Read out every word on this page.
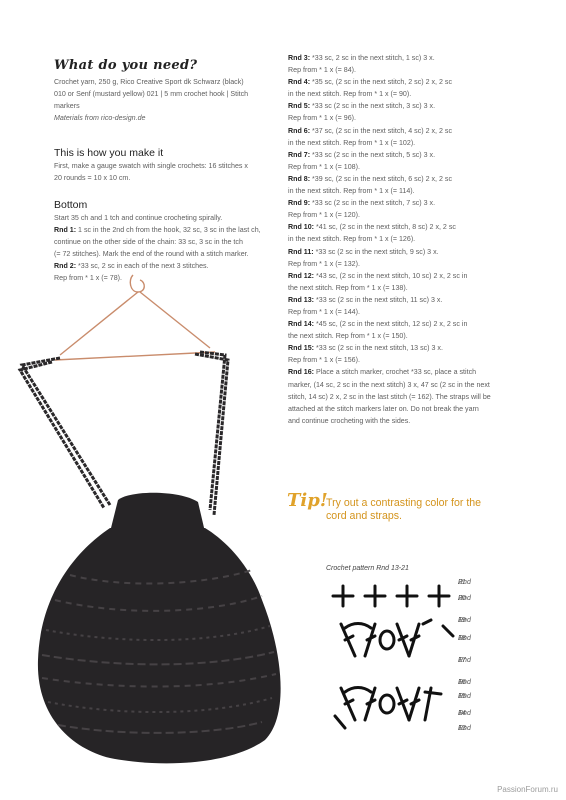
What do you need?
Crochet yarn, 250 g, Rico Creative Sport dk Schwarz (black)
010 or Senf (mustard yellow) 021 | 5 mm crochet hook | Stitch
markers
Materials from rico-design.de
This is how you make it
First, make a gauge swatch with single crochets: 16 stitches x
20 rounds = 10 x 10 cm.
Bottom
Start 35 ch and 1 tch and continue crocheting spirally.
Rnd 1: 1 sc in the 2nd ch from the hook, 32 sc, 3 sc in the last ch,
continue on the other side of the chain: 33 sc, 3 sc in the tch
(= 72 stitches). Mark the end of the round with a stitch marker.
Rnd 2: *33 sc, 2 sc in each of the next 3 stitches.
Rep from * 1 x (= 78).
Rnd 3: *33 sc, 2 sc in the next stitch, 1 sc) 3 x.
Rep from * 1 x (= 84).
Rnd 4: *35 sc, (2 sc in the next stitch, 2 sc) 2 x, 2 sc
in the next stitch. Rep from * 1 x (= 90).
Rnd 5: *33 sc (2 sc in the next stitch, 3 sc) 3 x.
Rep from * 1 x (= 96).
Rnd 6: *37 sc, (2 sc in the next stitch, 4 sc) 2 x, 2 sc
in the next stitch. Rep from * 1 x (= 102).
Rnd 7: *33 sc (2 sc in the next stitch, 5 sc) 3 x.
Rep from * 1 x (= 108).
Rnd 8: *39 sc, (2 sc in the next stitch, 6 sc) 2 x, 2 sc
in the next stitch. Rep from * 1 x (= 114).
Rnd 9: *33 sc (2 sc in the next stitch, 7 sc) 3 x.
Rep from * 1 x (= 120).
Rnd 10: *41 sc, (2 sc in the next stitch, 8 sc) 2 x, 2 sc
in the next stitch. Rep from * 1 x (= 126).
Rnd 11: *33 sc (2 sc in the next stitch, 9 sc) 3 x.
Rep from * 1 x (= 132).
Rnd 12: *43 sc, (2 sc in the next stitch, 10 sc) 2 x, 2 sc in
the next stitch. Rep from * 1 x (= 138).
Rnd 13: *33 sc (2 sc in the next stitch, 11 sc) 3 x.
Rep from * 1 x (= 144).
Rnd 14: *45 sc, (2 sc in the next stitch, 12 sc) 2 x, 2 sc in
the next stitch. Rep from * 1 x (= 150).
Rnd 15: *33 sc (2 sc in the next stitch, 13 sc) 3 x.
Rep from * 1 x (= 156).
Rnd 16: Place a stitch marker, crochet *33 sc, place a stitch
marker, (14 sc, 2 sc in the next stitch) 3 x, 47 sc (2 sc in the next
stitch, 14 sc) 2 x, 2 sc in the last stitch (= 162). The straps will be
attached at the stitch markers later on. Do not break the yarn
and continue crocheting with the sides.
Tip!
Try out a contrasting color for the
cord and straps.
Crochet pattern Rnd 13-21
Rnd 21
Rnd 20
Rnd 19
Rnd 18
Rnd 17
Rnd 16
Rnd 15
Rnd 14
Rnd 13
PassionForum.ru
